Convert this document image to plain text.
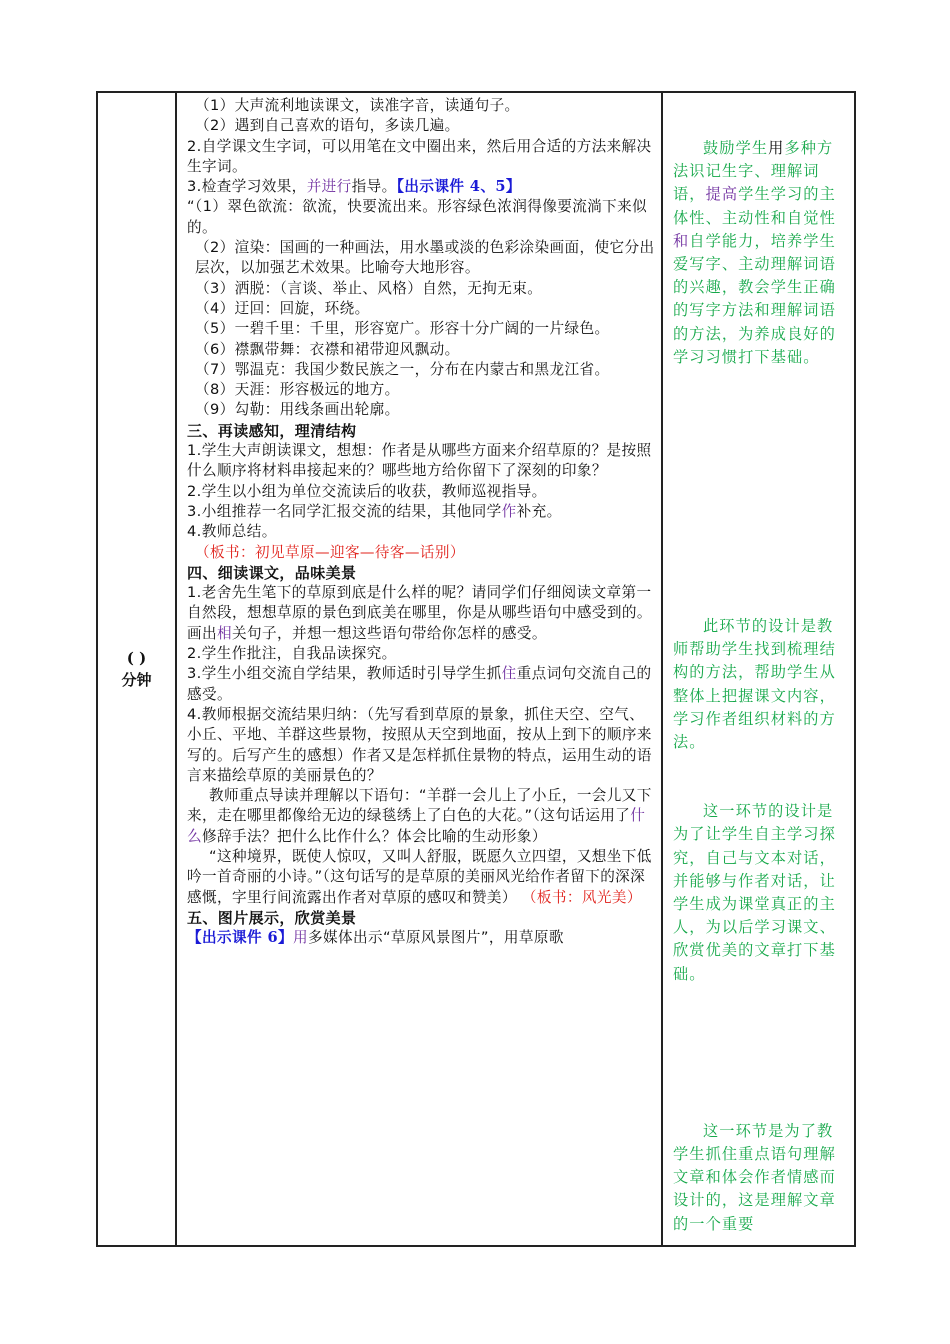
( )
分钟

（1）大声流利地读课文，读准字音，读通句子。

（2）遇到自己喜欢的语句，多读几遍。

2.自学课文生字词，可以用笔在文中圈出来，然后用合适的方法来解决生字词。

3.检查学习效果，并进行指导。【出示课件 4、5】

“（1）翠色欲流：欲流，快要流出来。形容绿色浓润得像要流淌下来似的。

（2）渲染：国画的一种画法，用水墨或淡的色彩涂染画面，使它分出层次，以加强艺术效果。比喻夸大地形容。

（3）洒脱：（言谈、举止、风格）自然，无拘无束。

（4）迂回：回旋，环绕。

（5）一碧千里：千里，形容宽广。形容十分广阔的一片绿色。

（6）襟飘带舞：衣襟和裙带迎风飘动。

（7）鄂温克：我国少数民族之一，分布在内蒙古和黑龙江省。

（8）天涯：形容极远的地方。

（9）勾勒：用线条画出轮廓。

三、再读感知，理清结构

1.学生大声朗读课文，想想：作者是从哪些方面来介绍草原的？是按照什么顺序将材料串接起来的？哪些地方给你留下了深刻的印象？

2.学生以小组为单位交流读后的收获，教师巡视指导。

3.小组推荐一名同学汇报交流的结果，其他同学作补充。

4.教师总结。

（板书：初见草原—迎客—待客—话别）

四、细读课文，品味美景

1.老舍先生笔下的草原到底是什么样的呢？请同学们仔细阅读文章第一自然段，想想草原的景色到底美在哪里，你是从哪些语句中感受到的。画出相关句子，并想一想这些语句带给你怎样的感受。

2.学生作批注，自我品读探究。

3.学生小组交流自学结果，教师适时引导学生抓住重点词句交流自己的感受。

4.教师根据交流结果归纳：（先写看到草原的景象，抓住天空、空气、小丘、平地、羊群这些景物，按照从天空到地面，按从上到下的顺序来写的。后写产生的感想）作者又是怎样抓住景物的特点，运用生动的语言来描绘草原的美丽景色的？

教师重点导读并理解以下语句：“羊群一会儿上了小丘，一会儿又下来，走在哪里都像给无边的绿毯绣上了白色的大花。”（这句话运用了什么修辞手法？把什么比作什么？体会比喻的生动形象）

“这种境界，既使人惊叹，又叫人舒服，既愿久立四望，又想坐下低吟一首奇丽的小诗。”（这句话写的是草原的美丽风光给作者留下的深深感慨，字里行间流露出作者对草原的感叹和赞美） （板书：风光美）

五、图片展示，欣赏美景

【出示课件 6】用多媒体出示“草原风景图片”，用草原歌

鼓励学生用多种方法识记生字、理解词语，提高学生学习的主体性、主动性和自觉性和自学能力，培养学生爱写字、主动理解词语的兴趣，教会学生正确的写字方法和理解词语的方法，为养成良好的学习习惯打下基础。

此环节的设计是教师帮助学生找到梳理结构的方法，帮助学生从整体上把握课文内容，学习作者组织材料的方法。

这一环节的设计是为了让学生自主学习探究，自己与文本对话，并能够与作者对话，让学生成为课堂真正的主人，为以后学习课文、欣赏优美的文章打下基础。

这一环节是为了教学生抓住重点语句理解文章和体会作者情感而设计的，这是理解文章的一个重要
